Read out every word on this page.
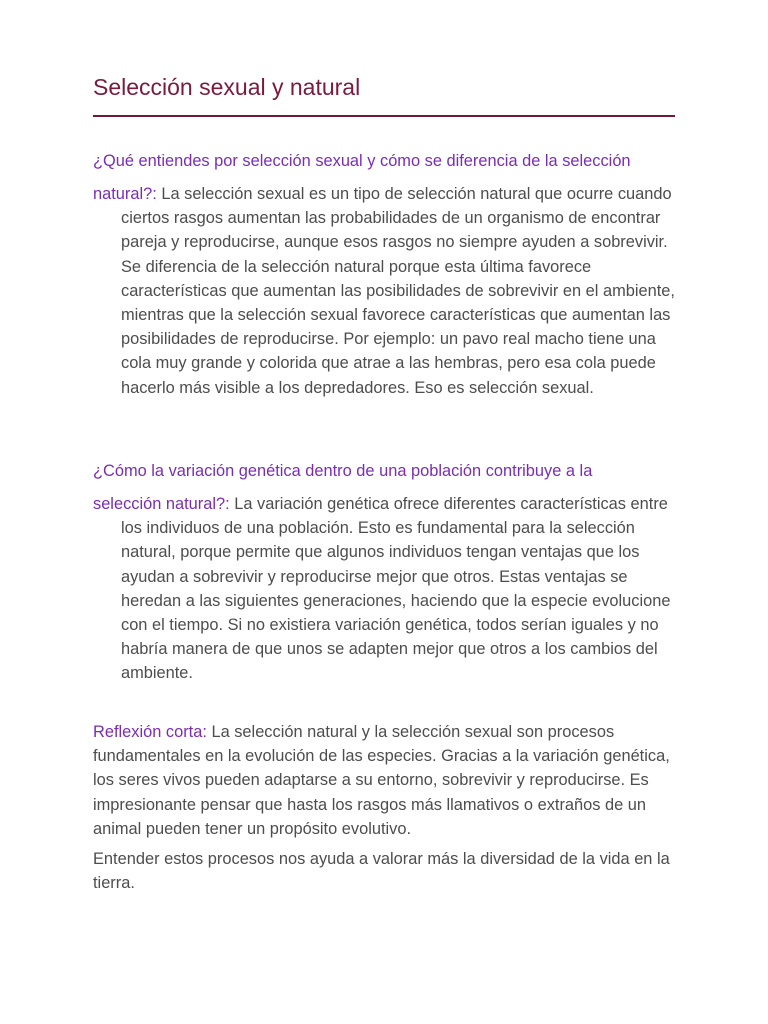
Selección sexual y natural
¿Qué entiendes por selección sexual y cómo se diferencia de la selección
natural?: La selección sexual es un tipo de selección natural que ocurre cuando ciertos rasgos aumentan las probabilidades de un organismo de encontrar pareja y reproducirse, aunque esos rasgos no siempre ayuden a sobrevivir. Se diferencia de la selección natural porque esta última favorece características que aumentan las posibilidades de sobrevivir en el ambiente, mientras que la selección sexual favorece características que aumentan las posibilidades de reproducirse. Por ejemplo: un pavo real macho tiene una cola muy grande y colorida que atrae a las hembras, pero esa cola puede hacerlo más visible a los depredadores. Eso es selección sexual.
¿Cómo la variación genética dentro de una población contribuye a la
selección natural?: La variación genética ofrece diferentes características entre los individuos de una población. Esto es fundamental para la selección natural, porque permite que algunos individuos tengan ventajas que los ayudan a sobrevivir y reproducirse mejor que otros. Estas ventajas se heredan a las siguientes generaciones, haciendo que la especie evolucione con el tiempo. Si no existiera variación genética, todos serían iguales y no habría manera de que unos se adapten mejor que otros a los cambios del ambiente.

Reflexión corta: La selección natural y la selección sexual son procesos fundamentales en la evolución de las especies. Gracias a la variación genética, los seres vivos pueden adaptarse a su entorno, sobrevivir y reproducirse. Es impresionante pensar que hasta los rasgos más llamativos o extraños de un animal pueden tener un propósito evolutivo.

Entender estos procesos nos ayuda a valorar más la diversidad de la vida en la tierra.
